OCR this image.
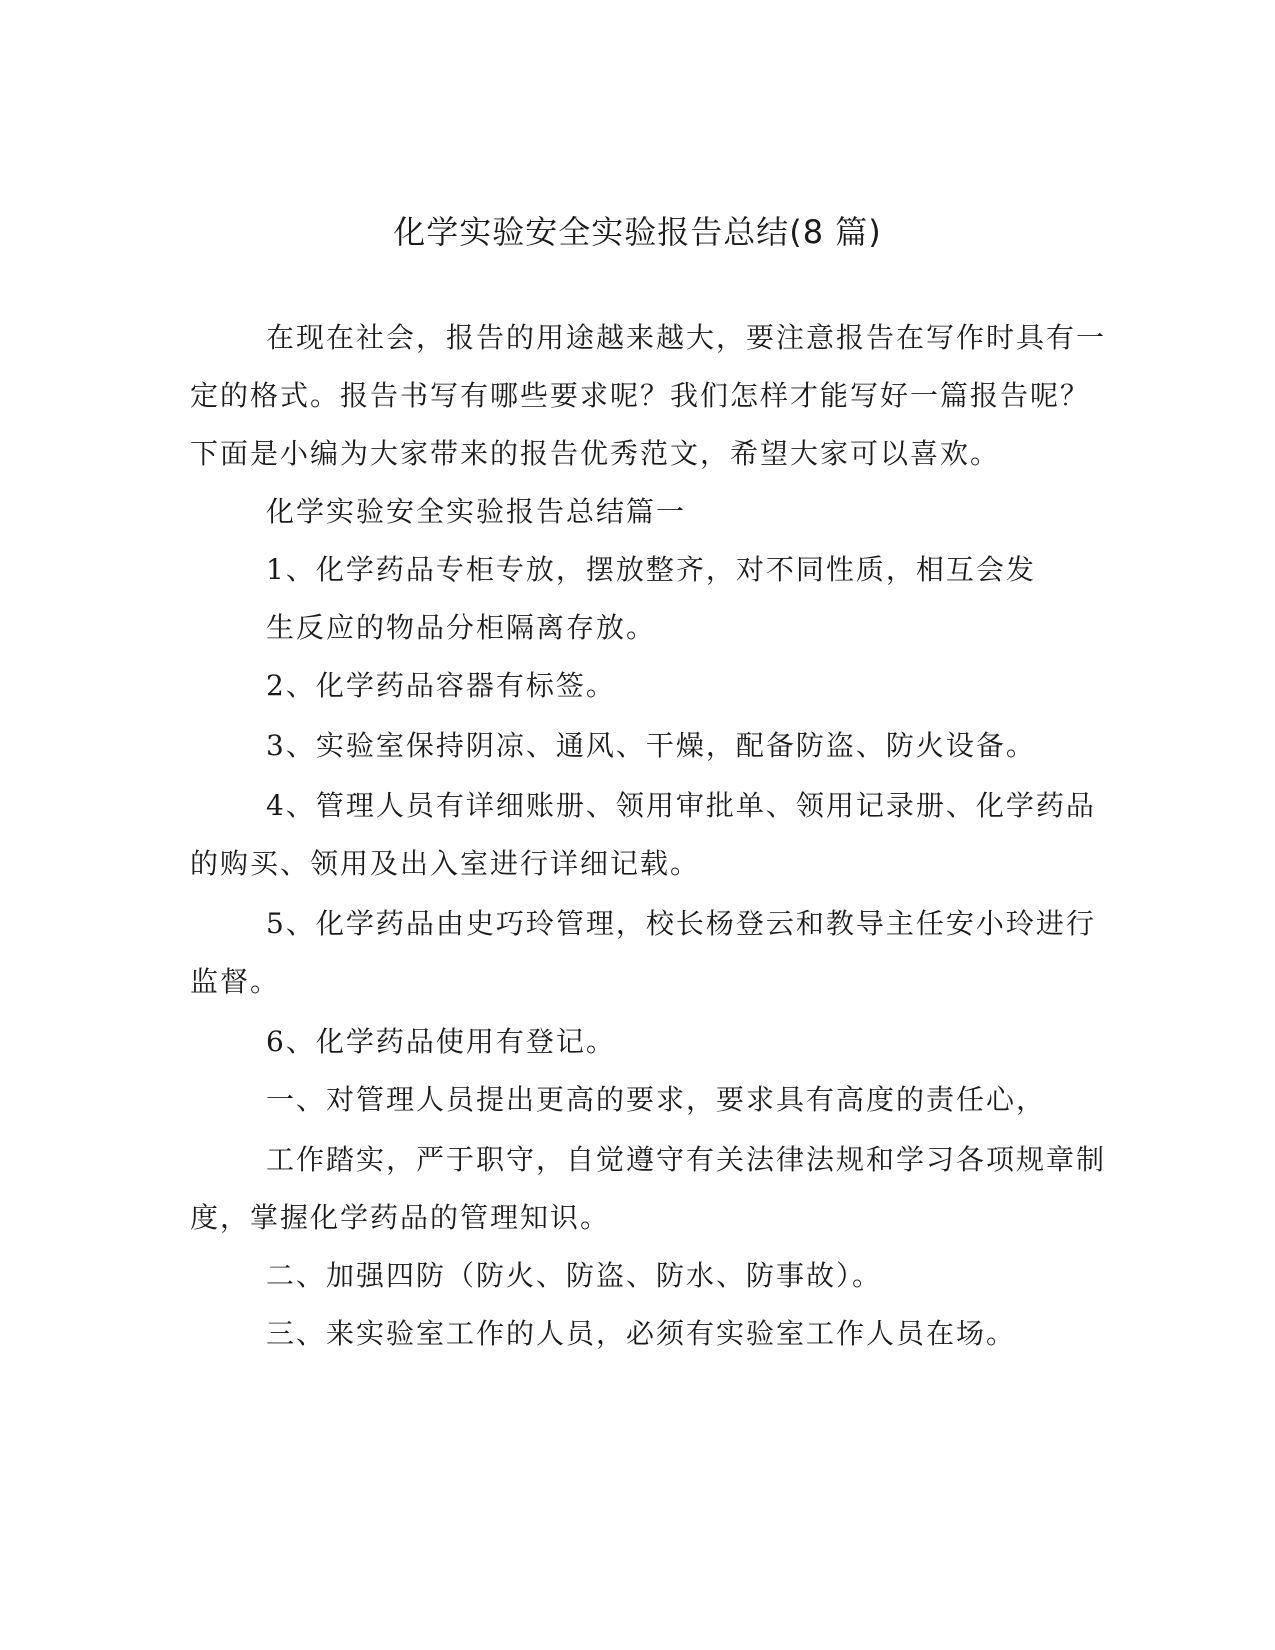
化学实验安全实验报告总结(8 篇)
在现在社会，报告的用途越来越大，要注意报告在写作时具有一
定的格式。报告书写有哪些要求呢？我们怎样才能写好一篇报告呢？
下面是小编为大家带来的报告优秀范文，希望大家可以喜欢。
化学实验安全实验报告总结篇一
1、化学药品专柜专放，摆放整齐，对不同性质，相互会发
生反应的物品分柜隔离存放。
2、化学药品容器有标签。
3、实验室保持阴凉、通风、干燥，配备防盗、防火设备。
4、管理人员有详细账册、领用审批单、领用记录册、化学药品
的购买、领用及出入室进行详细记载。
5、化学药品由史巧玲管理，校长杨登云和教导主任安小玲进行
监督。
6、化学药品使用有登记。
一、对管理人员提出更高的要求，要求具有高度的责任心，
工作踏实，严于职守，自觉遵守有关法律法规和学习各项规章制
度，掌握化学药品的管理知识。
二、加强四防（防火、防盗、防水、防事故）。
三、来实验室工作的人员，必须有实验室工作人员在场。
